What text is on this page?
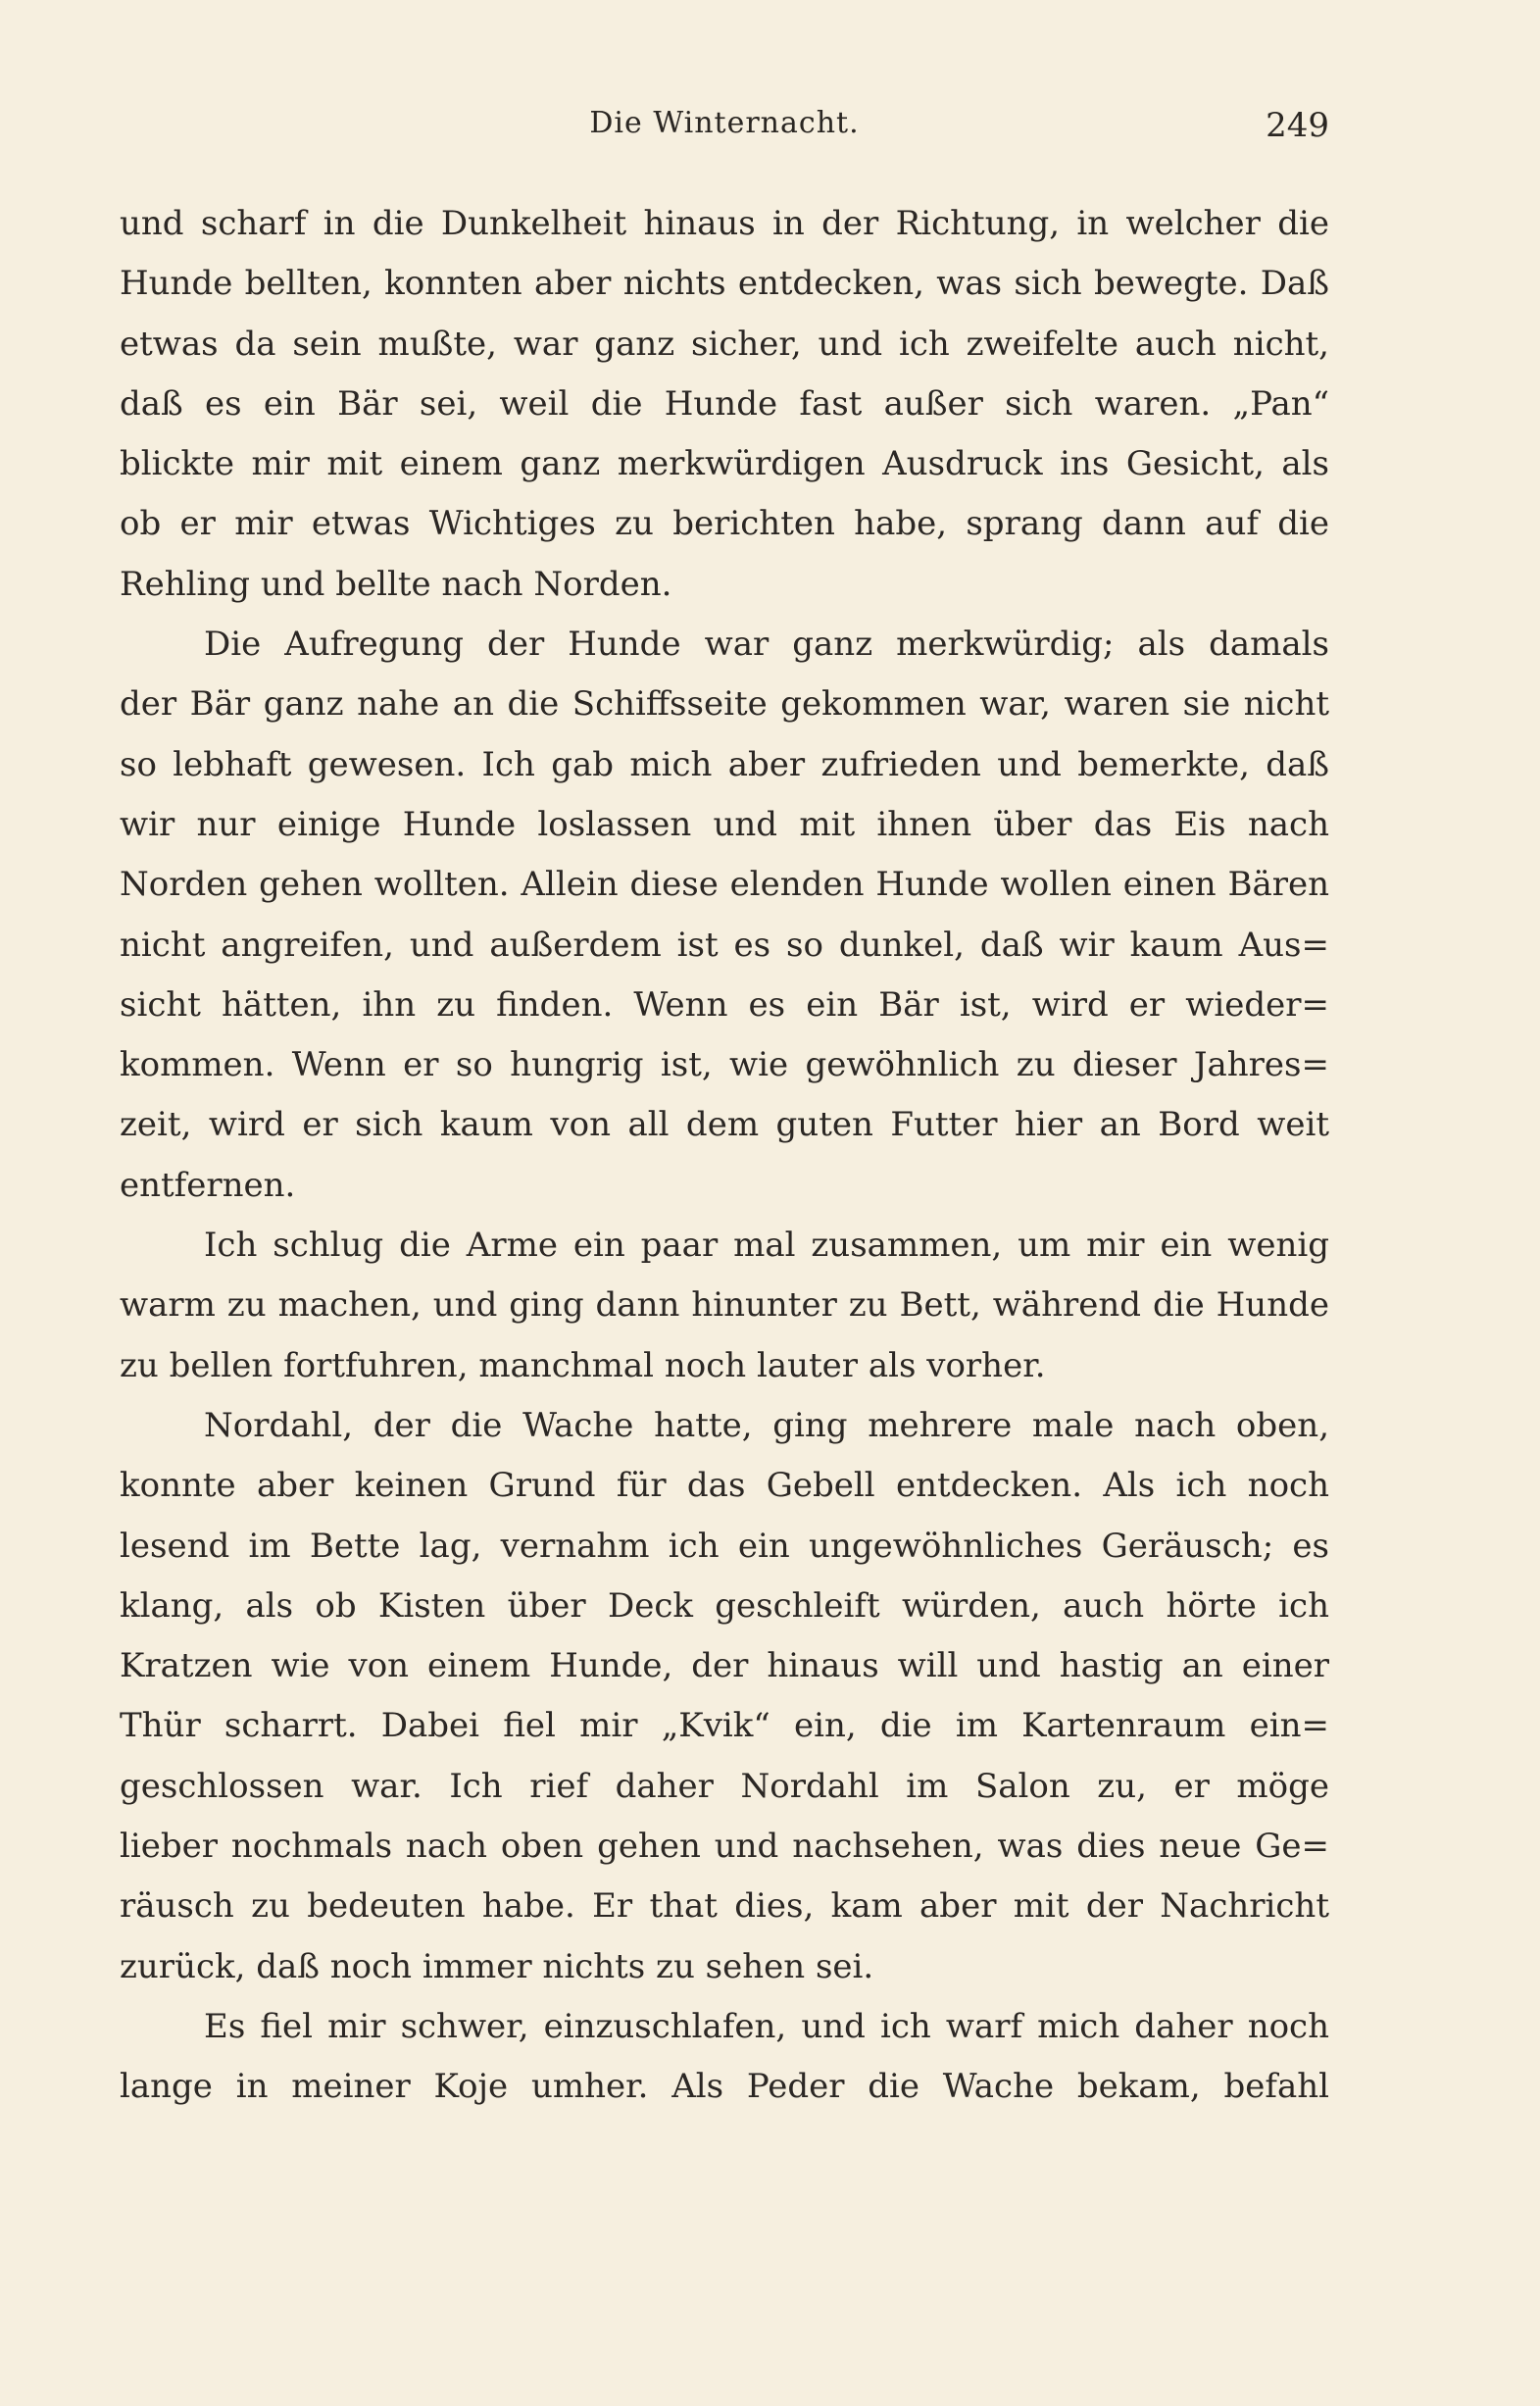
Die Winternacht.	249
und scharf in die Dunkelheit hinaus in der Richtung, in welcher die
Hunde bellten, konnten aber nichts entdecken, was sich bewegte. Daß
etwas da sein mußte, war ganz sicher, und ich zweifelte auch nicht,
daß es ein Bär sei, weil die Hunde fast außer sich waren. „Pan“
blickte mir mit einem ganz merkwürdigen Ausdruck ins Gesicht, als
ob er mir etwas Wichtiges zu berichten habe, sprang dann auf die
Rehling und bellte nach Norden.
Die Aufregung der Hunde war ganz merkwürdig; als damals
der Bär ganz nahe an die Schiffsseite gekommen war, waren sie nicht
so lebhaft gewesen. Ich gab mich aber zufrieden und bemerkte, daß
wir nur einige Hunde loslassen und mit ihnen über das Eis nach
Norden gehen wollten. Allein diese elenden Hunde wollen einen Bären
nicht angreifen, und außerdem ist es so dunkel, daß wir kaum Aus=
sicht hätten, ihn zu finden. Wenn es ein Bär ist, wird er wieder=
kommen. Wenn er so hungrig ist, wie gewöhnlich zu dieser Jahres=
zeit, wird er sich kaum von all dem guten Futter hier an Bord weit
entfernen.
Ich schlug die Arme ein paar mal zusammen, um mir ein wenig
warm zu machen, und ging dann hinunter zu Bett, während die Hunde
zu bellen fortfuhren, manchmal noch lauter als vorher.
Nordahl, der die Wache hatte, ging mehrere male nach oben,
konnte aber keinen Grund für das Gebell entdecken. Als ich noch
lesend im Bette lag, vernahm ich ein ungewöhnliches Geräusch; es
klang, als ob Kisten über Deck geschleift würden, auch hörte ich
Kratzen wie von einem Hunde, der hinaus will und hastig an einer
Thür scharrt. Dabei fiel mir „Kvik“ ein, die im Kartenraum ein=
geschlossen war. Ich rief daher Nordahl im Salon zu, er möge
lieber nochmals nach oben gehen und nachsehen, was dies neue Ge=
räusch zu bedeuten habe. Er that dies, kam aber mit der Nachricht
zurück, daß noch immer nichts zu sehen sei.
Es fiel mir schwer, einzuschlafen, und ich warf mich daher noch
lange in meiner Koje umher. Als Peder die Wache bekam, befahl
